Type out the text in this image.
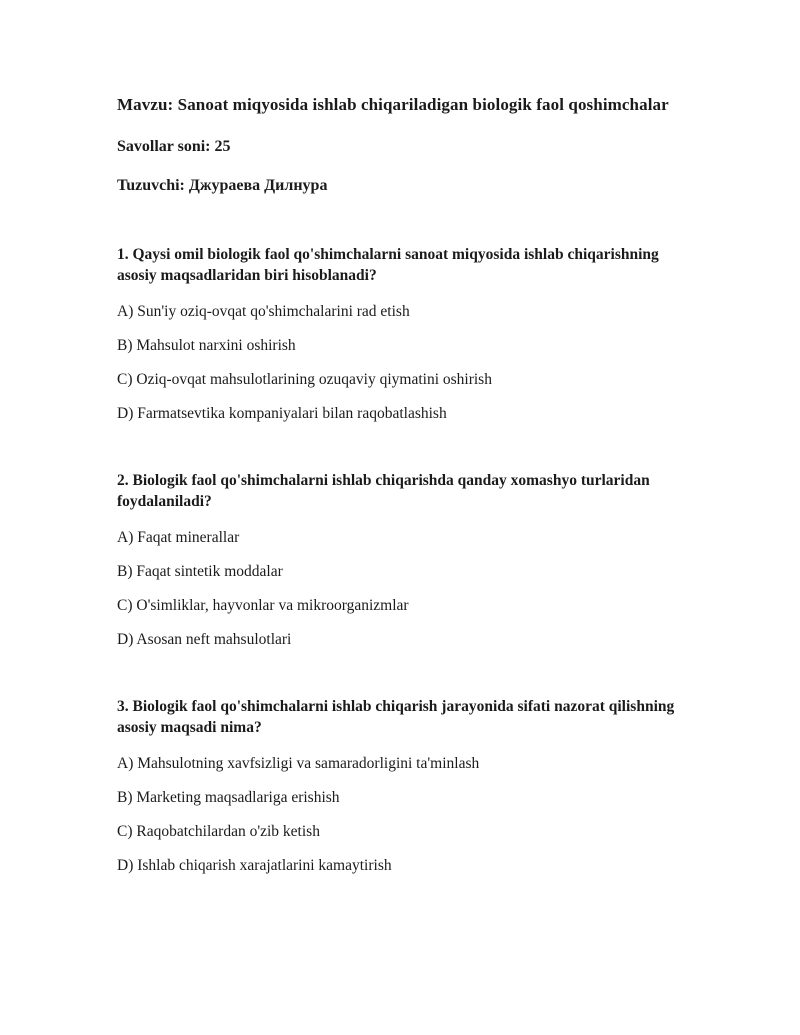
Mavzu: Sanoat miqyosida ishlab chiqariladigan biologik faol qoshimchalar

Savollar soni: 25

Tuzuvchi: Джураева Дилнура

1. Qaysi omil biologik faol qo'shimchalarni sanoat miqyosida ishlab chiqarishning asosiy maqsadlaridan biri hisoblanadi?

A) Sun'iy oziq-ovqat qo'shimchalarini rad etish

B) Mahsulot narxini oshirish

C) Oziq-ovqat mahsulotlarining ozuqaviy qiymatini oshirish

D) Farmatsevtika kompaniyalari bilan raqobatlashish

2. Biologik faol qo'shimchalarni ishlab chiqarishda qanday xomashyo turlaridan foydalaniladi?

A) Faqat minerallar

B) Faqat sintetik moddalar

C) O'simliklar, hayvonlar va mikroorganizmlar

D) Asosan neft mahsulotlari

3. Biologik faol qo'shimchalarni ishlab chiqarish jarayonida sifati nazorat qilishning asosiy maqsadi nima?

A) Mahsulotning xavfsizligi va samaradorligini ta'minlash

B) Marketing maqsadlariga erishish

C) Raqobatchilardan o'zib ketish

D) Ishlab chiqarish xarajatlarini kamaytirish
